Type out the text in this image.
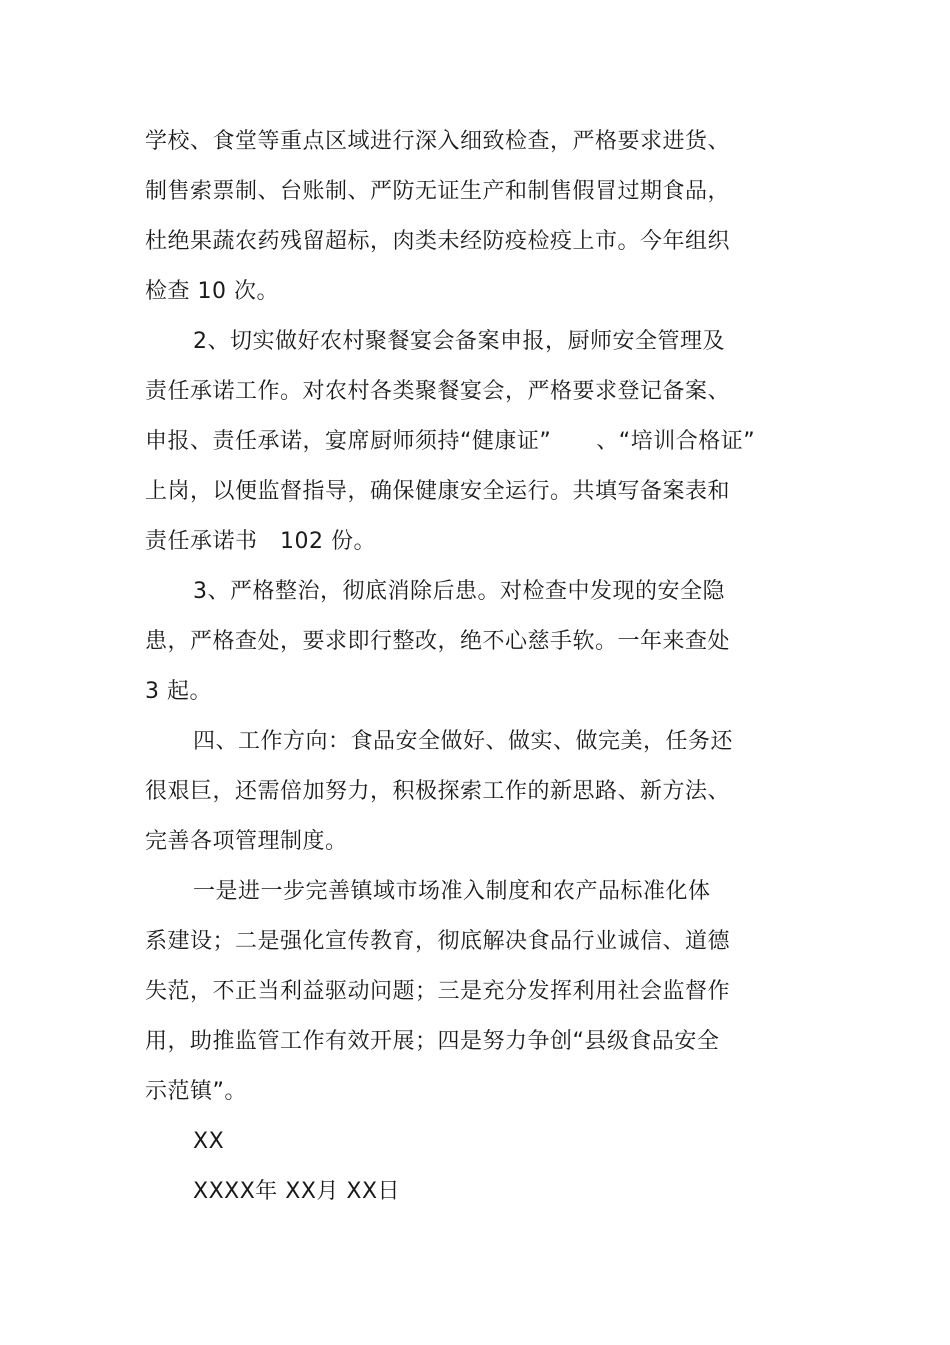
学校、食堂等重点区域进行深入细致检查，严格要求进货、
制售索票制、台账制、严防无证生产和制售假冒过期食品，
杜绝果蔬农药残留超标，肉类未经防疫检疫上市。今年组织
检查 10 次。
2、切实做好农村聚餐宴会备案申报，厨师安全管理及
责任承诺工作。对农村各类聚餐宴会，严格要求登记备案、
申报、责任承诺，宴席厨师须持“健康证”　　、“培训合格证”
上岗，以便监督指导，确保健康安全运行。共填写备案表和
责任承诺书　102 份。
3、严格整治，彻底消除后患。对检查中发现的安全隐
患，严格查处，要求即行整改，绝不心慈手软。一年来查处
3 起。
四、工作方向：食品安全做好、做实、做完美，任务还
很艰巨，还需倍加努力，积极探索工作的新思路、新方法、
完善各项管理制度。
一是进一步完善镇域市场准入制度和农产品标准化体
系建设；二是强化宣传教育，彻底解决食品行业诚信、道德
失范，不正当利益驱动问题；三是充分发挥利用社会监督作
用，助推监管工作有效开展；四是努力争创“县级食品安全
示范镇”。
XX
XXXX年 XX月 XX日
